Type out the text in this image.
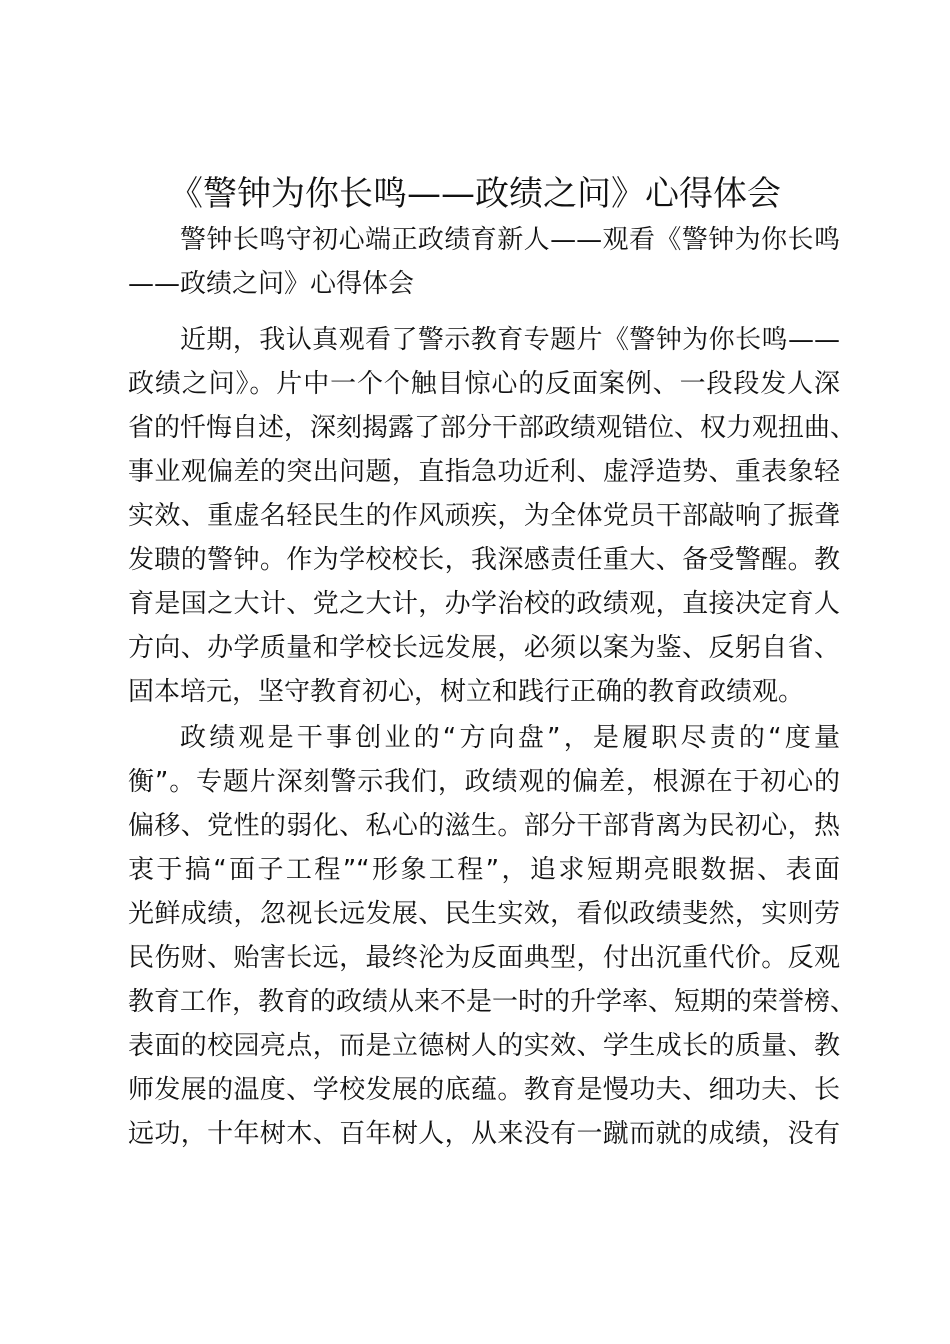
《警钟为你长鸣——政绩之问》心得体会
警钟长鸣守初心端正政绩育新人——观看《警钟为你长鸣
——政绩之问》心得体会
近期，我认真观看了警示教育专题片《警钟为你长鸣——
政绩之问》。片中一个个触目惊心的反面案例、一段段发人深
省的忏悔自述，深刻揭露了部分干部政绩观错位、权力观扭曲、
事业观偏差的突出问题，直指急功近利、虚浮造势、重表象轻
实效、重虚名轻民生的作风顽疾，为全体党员干部敲响了振聋
发聩的警钟。作为学校校长，我深感责任重大、备受警醒。教
育是国之大计、党之大计，办学治校的政绩观，直接决定育人
方向、办学质量和学校长远发展，必须以案为鉴、反躬自省、
固本培元，坚守教育初心，树立和践行正确的教育政绩观。
政绩观是干事创业的“方向盘”，是履职尽责的“度量
衡”。专题片深刻警示我们，政绩观的偏差，根源在于初心的
偏移、党性的弱化、私心的滋生。部分干部背离为民初心，热
衷于搞“面子工程”“形象工程”，追求短期亮眼数据、表面
光鲜成绩，忽视长远发展、民生实效，看似政绩斐然，实则劳
民伤财、贻害长远，最终沦为反面典型，付出沉重代价。反观
教育工作，教育的政绩从来不是一时的升学率、短期的荣誉榜、
表面的校园亮点，而是立德树人的实效、学生成长的质量、教
师发展的温度、学校发展的底蕴。教育是慢功夫、细功夫、长
远功，十年树木、百年树人，从来没有一蹴而就的成绩，没有
